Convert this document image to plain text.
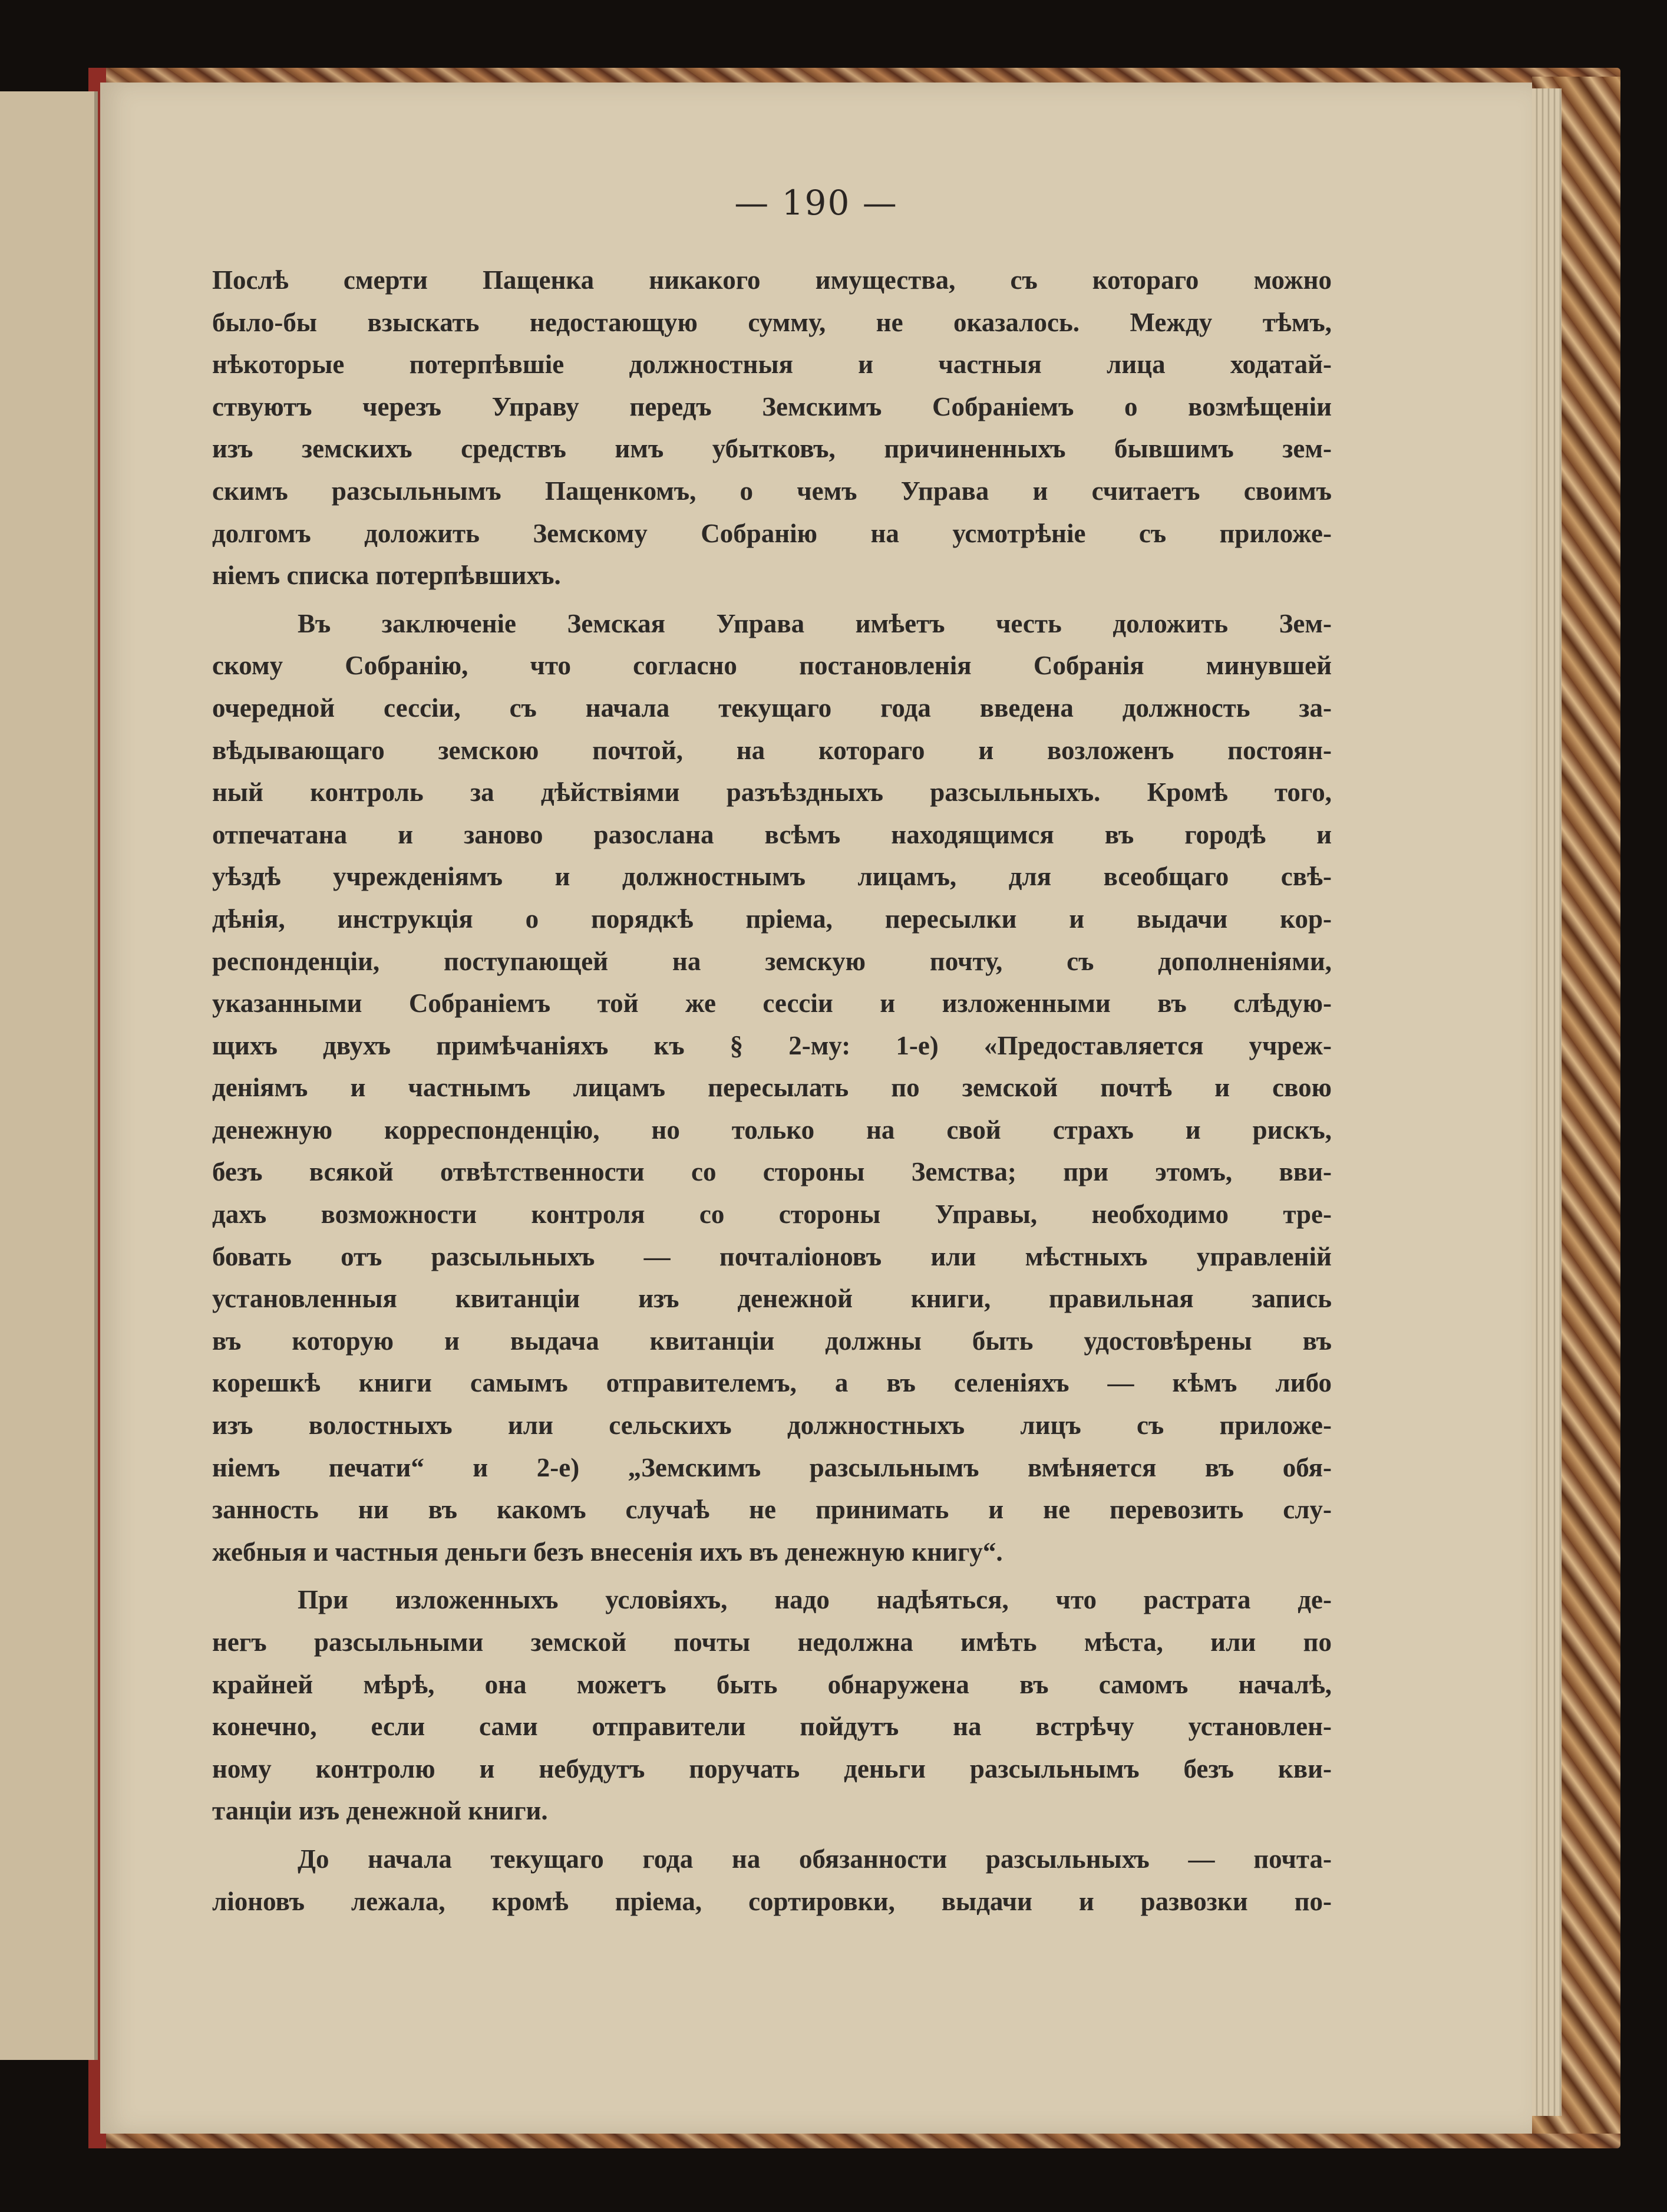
— 190 —
Послѣ смерти Пащенка никакого имущества, съ котораго можно
было-бы взыскать недостающую сумму, не оказалось. Между тѣмъ,
нѣкоторые потерпѣвшіе должностныя и частныя лица ходатай-
ствуютъ черезъ Управу передъ Земскимъ Собраніемъ о возмѣщеніи
изъ земскихъ средствъ имъ убытковъ, причиненныхъ бывшимъ зем-
скимъ разсыльнымъ Пащенкомъ, о чемъ Управа и считаетъ своимъ
долгомъ доложить Земскому Собранію на усмотрѣніе съ приложе-
ніемъ списка потерпѣвшихъ.
Въ заключеніе Земская Управа имѣетъ честь доложить Зем-
скому Собранію, что согласно постановленія Собранія минувшей
очередной сессіи, съ начала текущаго года введена должность за-
вѣдывающаго земскою почтой, на котораго и возложенъ постоян-
ный контроль за дѣйствіями разъѣздныхъ разсыльныхъ. Кромѣ того,
отпечатана и заново разослана всѣмъ находящимся въ городѣ и
уѣздѣ учрежденіямъ и должностнымъ лицамъ, для всеобщаго свѣ-
дѣнія, инструкція о порядкѣ пріема, пересылки и выдачи кор-
респонденціи, поступающей на земскую почту, съ дополненіями,
указанными Собраніемъ той же сессіи и изложенными въ слѣдую-
щихъ двухъ примѣчаніяхъ къ § 2-му: 1-е) «Предоставляется учреж-
деніямъ и частнымъ лицамъ пересылать по земской почтѣ и свою
денежную корреспонденцію, но только на свой страхъ и рискъ,
безъ всякой отвѣтственности со стороны Земства; при этомъ, вви-
дахъ возможности контроля со стороны Управы, необходимо тре-
бовать отъ разсыльныхъ — почталіоновъ или мѣстныхъ управленій
установленныя квитанціи изъ денежной книги, правильная запись
въ которую и выдача квитанціи должны быть удостовѣрены въ
корешкѣ книги самымъ отправителемъ, а въ селеніяхъ — кѣмъ либо
изъ волостныхъ или сельскихъ должностныхъ лицъ съ приложе-
ніемъ печати“ и 2-е) „Земскимъ разсыльнымъ вмѣняется въ обя-
занность ни въ какомъ случаѣ не принимать и не перевозить слу-
жебныя и частныя деньги безъ внесенія ихъ въ денежную книгу“.
При изложенныхъ условіяхъ, надо надѣяться, что растрата де-
негъ разсыльными земской почты недолжна имѣть мѣста, или по
крайней мѣрѣ, она можетъ быть обнаружена въ самомъ началѣ,
конечно, если сами отправители пойдутъ на встрѣчу установлен-
ному контролю и небудутъ поручать деньги разсыльнымъ безъ кви-
танціи изъ денежной книги.
До начала текущаго года на обязанности разсыльныхъ — почта-
ліоновъ лежала, кромѣ пріема, сортировки, выдачи и развозки по-
